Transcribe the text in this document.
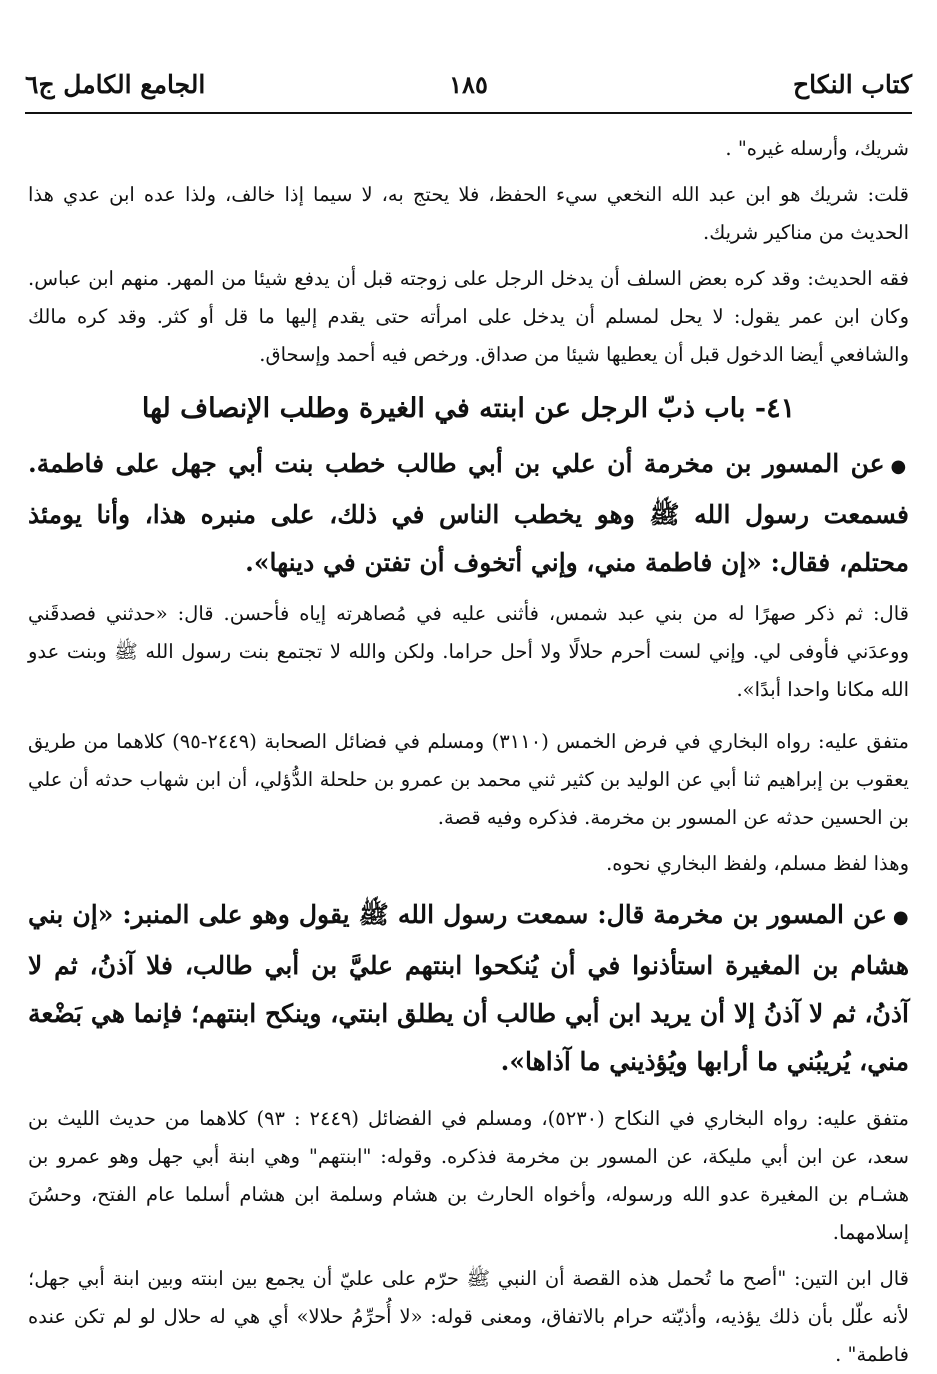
كتاب النكاح
١٨٥
الجامع الكامل ج٦

شريك، وأرسله غيره" .

قلت: شريك هو ابن عبد الله النخعي سيء الحفظ، فلا يحتج به، لا سيما إذا خالف، ولذا عده ابن عدي هذا الحديث من مناكير شريك.

فقه الحديث: وقد كره بعض السلف أن يدخل الرجل على زوجته قبل أن يدفع شيئا من المهر. منهم ابن عباس. وكان ابن عمر يقول: لا يحل لمسلم أن يدخل على امرأته حتى يقدم إليها ما قل أو كثر. وقد كره مالك والشافعي أيضا الدخول قبل أن يعطيها شيئا من صداق. ورخص فيه أحمد وإسحاق.

٤١- باب ذبّ الرجل عن ابنته في الغيرة وطلب الإنصاف لها

●عن المسور بن مخرمة أن علي بن أبي طالب خطب بنت أبي جهل على فاطمة. فسمعت رسول الله ﷺ وهو يخطب الناس في ذلك، على منبره هذا، وأنا يومئذ محتلم، فقال: «إن فاطمة مني، وإني أتخوف أن تفتن في دينها».

قال: ثم ذكر صهرًا له من بني عبد شمس، فأثنى عليه في مُصاهرته إياه فأحسن. قال: «حدثني فصدقَني ووعدَني فأوفى لي. وإني لست أحرم حلالًا ولا أحل حراما. ولكن والله لا تجتمع بنت رسول الله ﷺ وبنت عدو الله مكانا واحدا أبدًا».

متفق عليه: رواه البخاري في فرض الخمس (٣١١٠) ومسلم في فضائل الصحابة (٢٤٤٩-٩٥) كلاهما من طريق يعقوب بن إبراهيم ثنا أبي عن الوليد بن كثير ثني محمد بن عمرو بن حلحلة الدُّؤلي، أن ابن شهاب حدثه أن علي بن الحسين حدثه عن المسور بن مخرمة. فذكره وفيه قصة.

وهذا لفظ مسلم، ولفظ البخاري نحوه.

●عن المسور بن مخرمة قال: سمعت رسول الله ﷺ يقول وهو على المنبر: «إن بني هشام بن المغيرة استأذنوا في أن يُنكحوا ابنتهم عليَّ بن أبي طالب، فلا آذنُ، ثم لا آذنُ، ثم لا آذنُ إلا أن يريد ابن أبي طالب أن يطلق ابنتي، وينكح ابنتهم؛ فإنما هي بَضْعة مني، يُريبُني ما أرابها ويُؤذيني ما آذاها».

متفق عليه: رواه البخاري في النكاح (٥٢٣٠)، ومسلم في الفضائل (٢٤٤٩ : ٩٣) كلاهما من حديث الليث بن سعد، عن ابن أبي مليكة، عن المسور بن مخرمة فذكره. وقوله: "ابنتهم" وهي ابنة أبي جهل وهو عمرو بن هشـام بن المغيرة عدو الله ورسوله، وأخواه الحارث بن هشام وسلمة ابن هشام أسلما عام الفتح، وحسُنَ إسلامهما.

قال ابن التين: "أصح ما تُحمل هذه القصة أن النبي ﷺ حرّم على عليّ أن يجمع بين ابنته وبين ابنة أبي جهل؛ لأنه علّل بأن ذلك يؤذيه، وأذيّته حرام بالاتفاق، ومعنى قوله: «لا أُحرِّمُ حلالا» أي هي له حلال لو لم تكن عنده فاطمة" .
